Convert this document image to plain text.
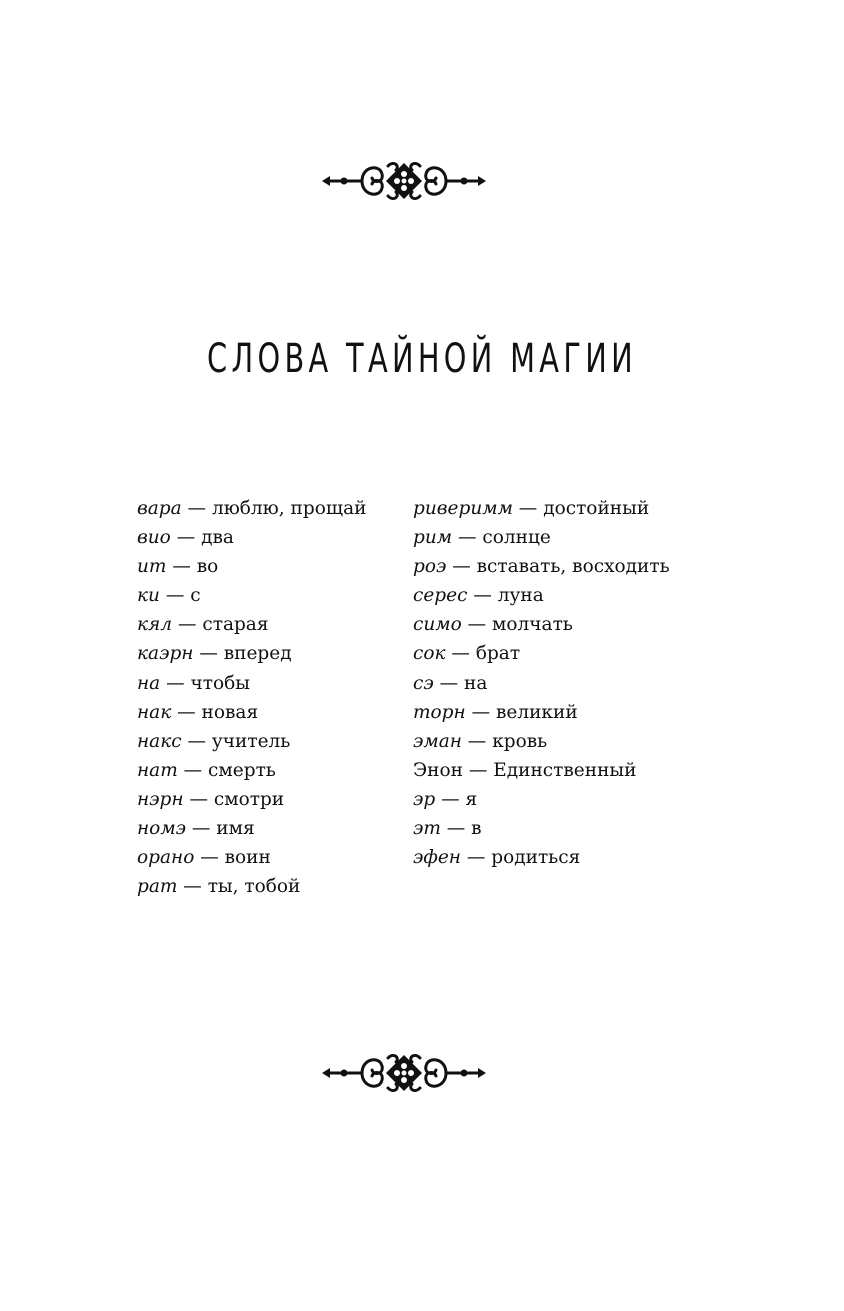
СЛОВА ТАЙНОЙ МАГИИ
вара — люблю, прощай
вио — два
ит — во
ки — с
кял — старая
каэрн — вперед
на — чтобы
нак — новая
накс — учитель
нат — смерть
нэрн — смотри
номэ — имя
орано — воин
рат — ты, тобой
риверимм — достойный
рим — солнце
роэ — вставать, восходить
серес — луна
симо — молчать
сок — брат
сэ — на
торн — великий
эман — кровь
Энон — Единственный
эр — я
эт — в
эфен — родиться
